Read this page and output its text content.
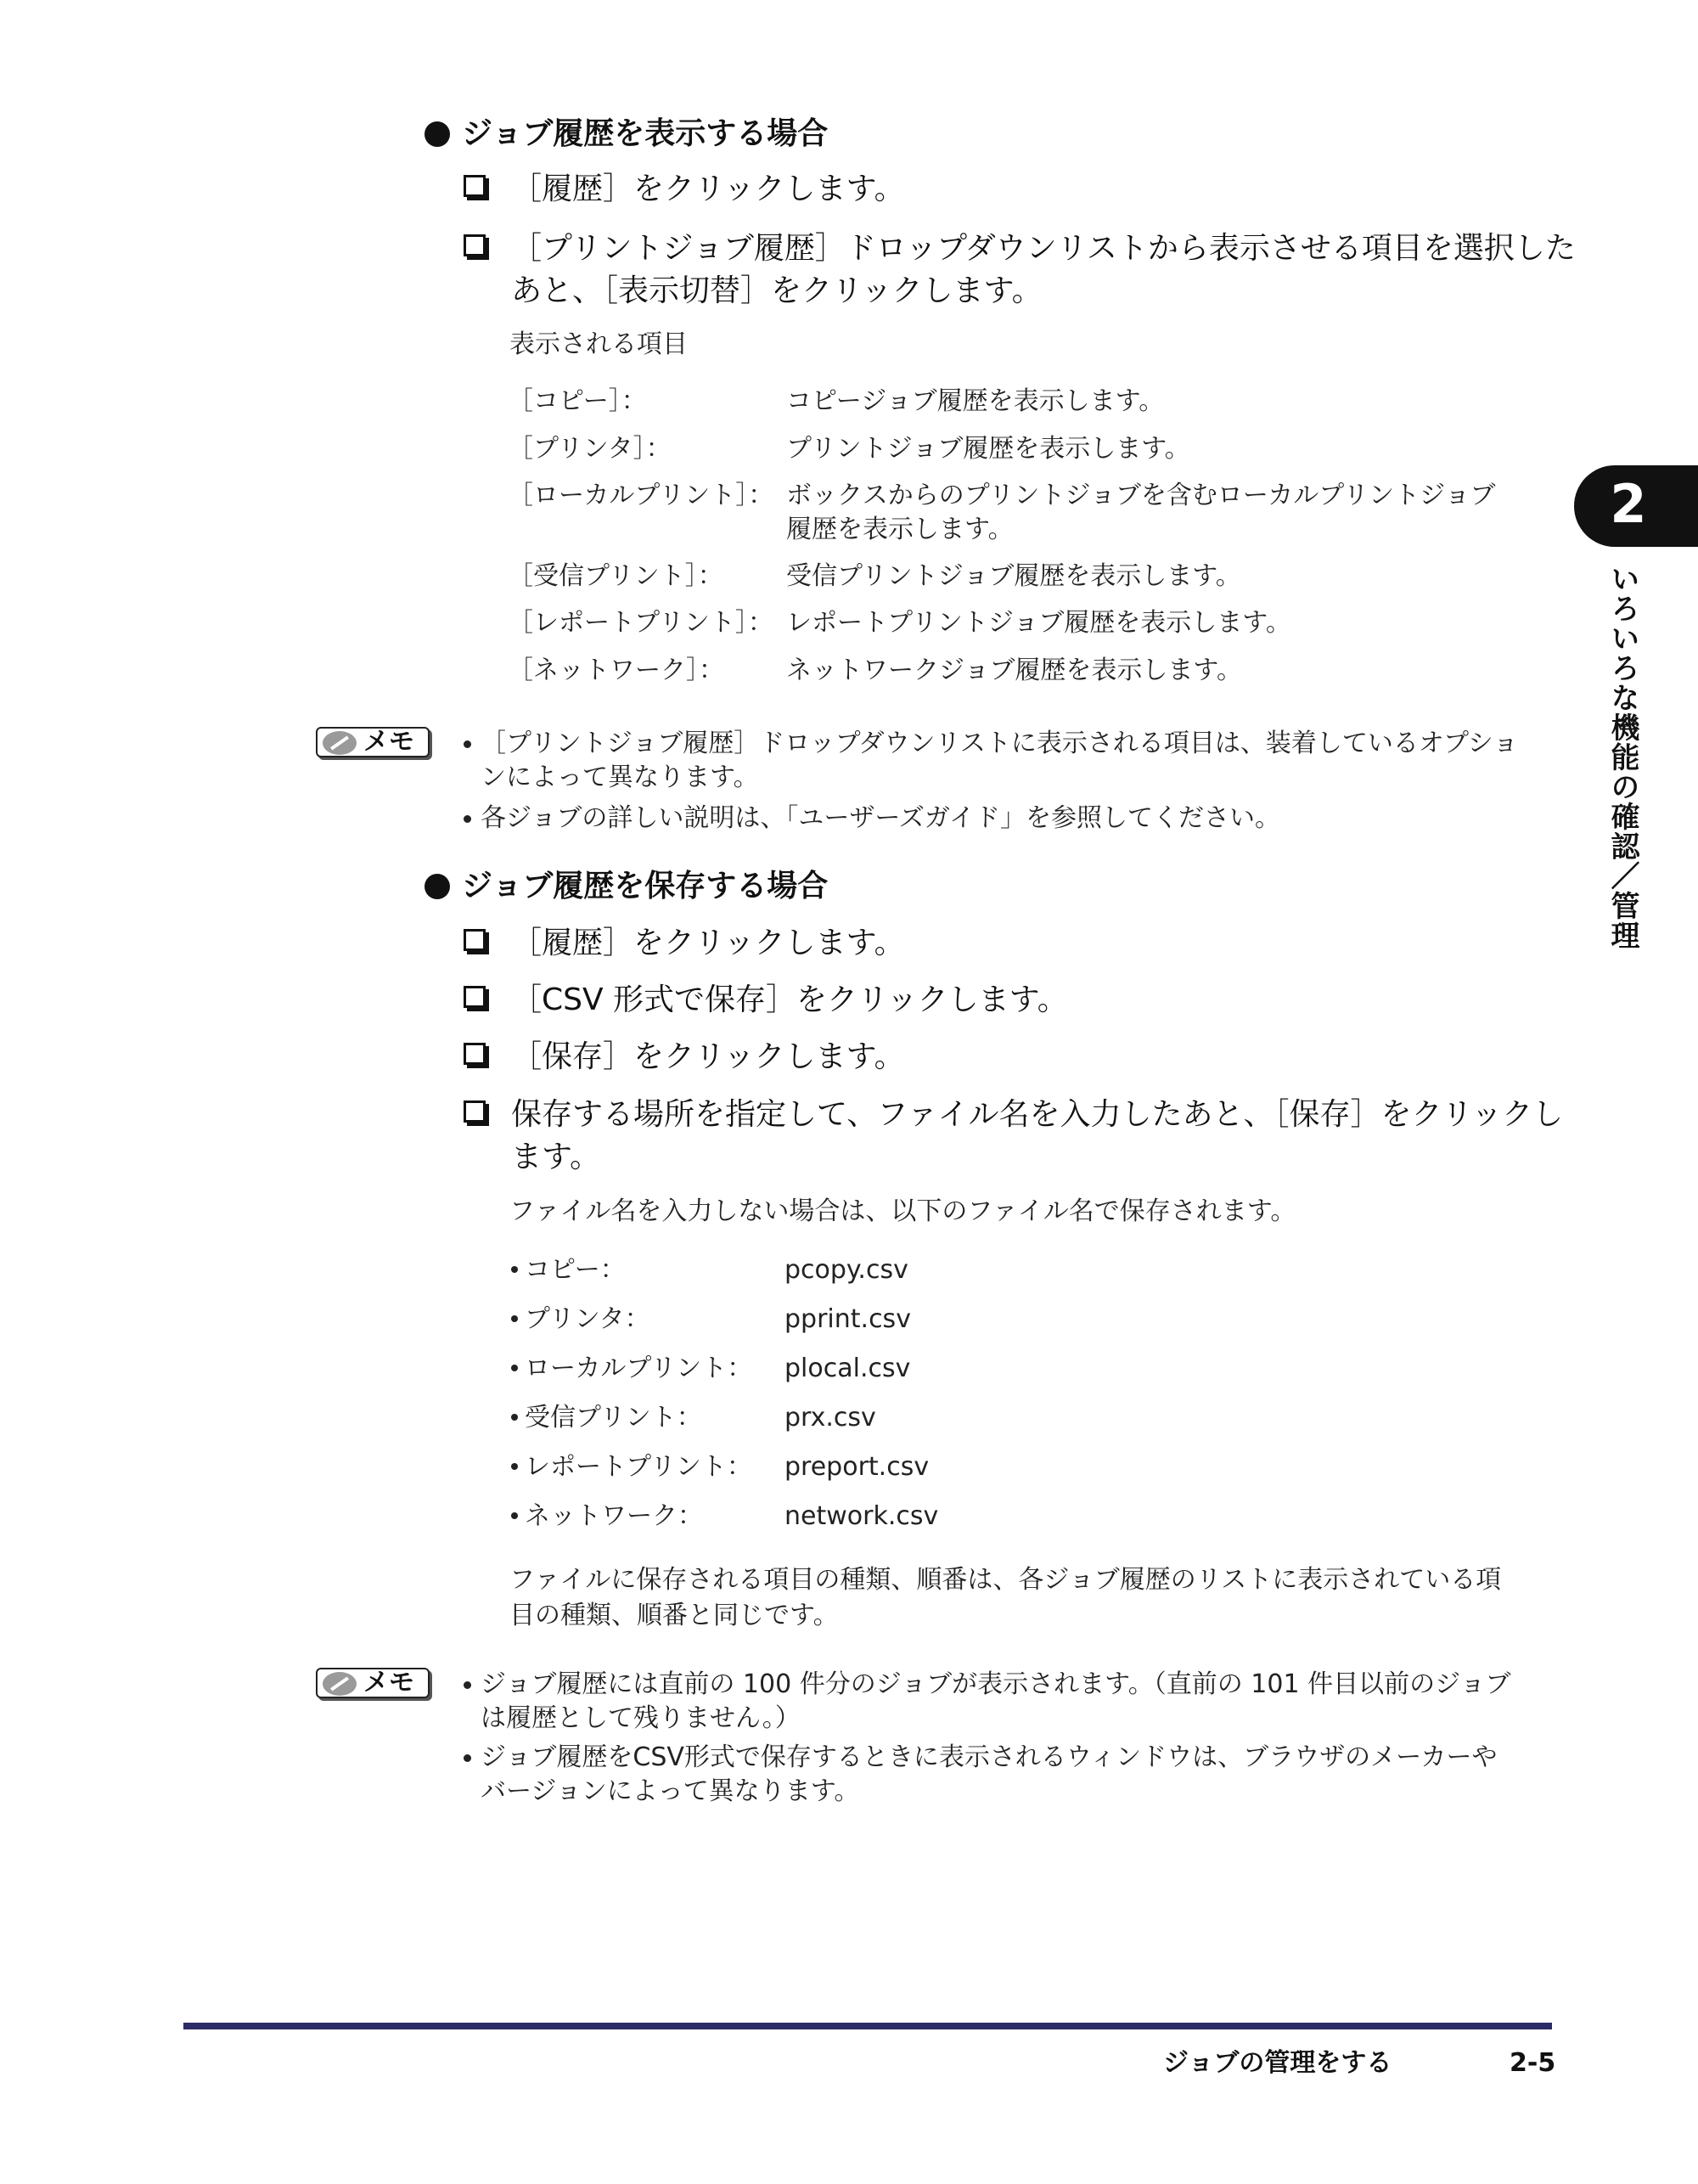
ジョブ履歴を表示する場合
［履歴］をクリックします。
［プリントジョブ履歴］ドロップダウンリストから表示させる項目を選択した
あと、［表示切替］をクリックします。
表示される項目
［コピー］：	コピージョブ履歴を表示します。
［プリンタ］：	プリントジョブ履歴を表示します。
［ローカルプリント］： ボックスからのプリントジョブを含むローカルプリントジョブ
履歴を表示します。
［受信プリント］： 受信プリントジョブ履歴を表示します。
［レポートプリント］： レポートプリントジョブ履歴を表示します。
［ネットワーク］： ネットワークジョブ履歴を表示します。
メモ	［プリントジョブ履歴］ドロップダウンリストに表示される項目は、装着しているオプショ
ンによって異なります。
各ジョブの詳しい説明は、「ユーザーズガイド」を参照してください。
ジョブ履歴を保存する場合
［履歴］をクリックします。
［CSV 形式で保存］をクリックします。
［保存］をクリックします。
保存する場所を指定して、ファイル名を入力したあと、［保存］をクリックし
ます。
ファイル名を入力しない場合は、以下のファイル名で保存されます。
コピー：	pcopy.csv
プリンタ：	pprint.csv
ローカルプリント： plocal.csv
受信プリント：	prx.csv
レポートプリント： preport.csv
ネットワーク：	network.csv
ファイルに保存される項目の種類、順番は、各ジョブ履歴のリストに表示されている項
目の種類、順番と同じです。
メモ	ジョブ履歴には直前の 100 件分のジョブが表示されます。（直前の 101 件目以前のジョブ
は履歴として残りません。）
ジョブ履歴をCSV形式で保存するときに表示されるウィンドウは、ブラウザのメーカーや
バージョンによって異なります。
2
いろいろな機能の確認／管理
ジョブの管理をする	2-5
